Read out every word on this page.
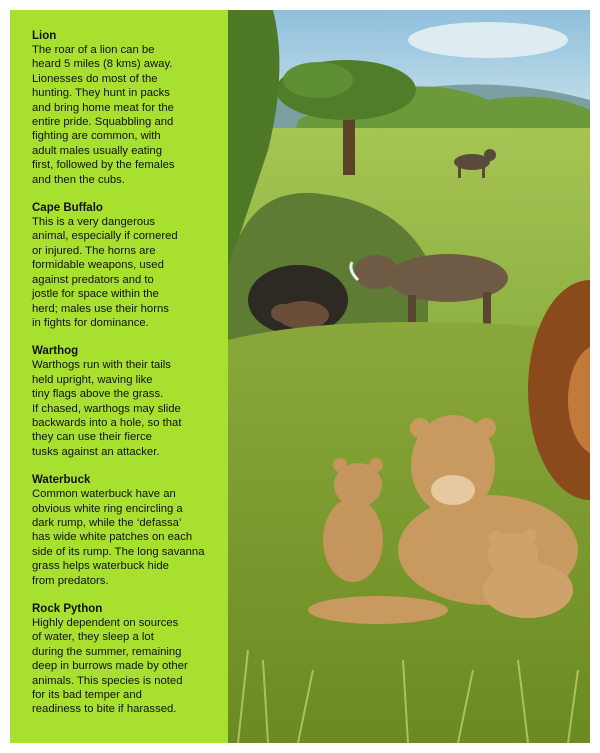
Lion

The roar of a lion can be
heard 5 miles (8 kms) away.
Lionesses do most of the
hunting. They hunt in packs
and bring home meat for the
entire pride. Squabbling and
fighting are common, with
adult males usually eating
first, followed by the females
and then the cubs.

Cape Buffalo

This is a very dangerous
animal, especially if cornered
or injured. The horns are
formidable weapons, used
against predators and to
jostle for space within the
herd; males use their horns
in fights for dominance.

Warthog

Warthogs run with their tails
held upright, waving like
tiny flags above the grass.
If chased, warthogs may slide
backwards into a hole, so that
they can use their fierce
tusks against an attacker.

Waterbuck

Common waterbuck have an
obvious white ring encircling a
dark rump, while the ‘defassa’
has wide white patches on each
side of its rump. The long savanna
grass helps waterbuck hide
from predators.

Rock Python

Highly dependent on sources
of water, they sleep a lot
during the summer, remaining
deep in burrows made by other
animals. This species is noted
for its bad temper and
readiness to bite if harassed.
